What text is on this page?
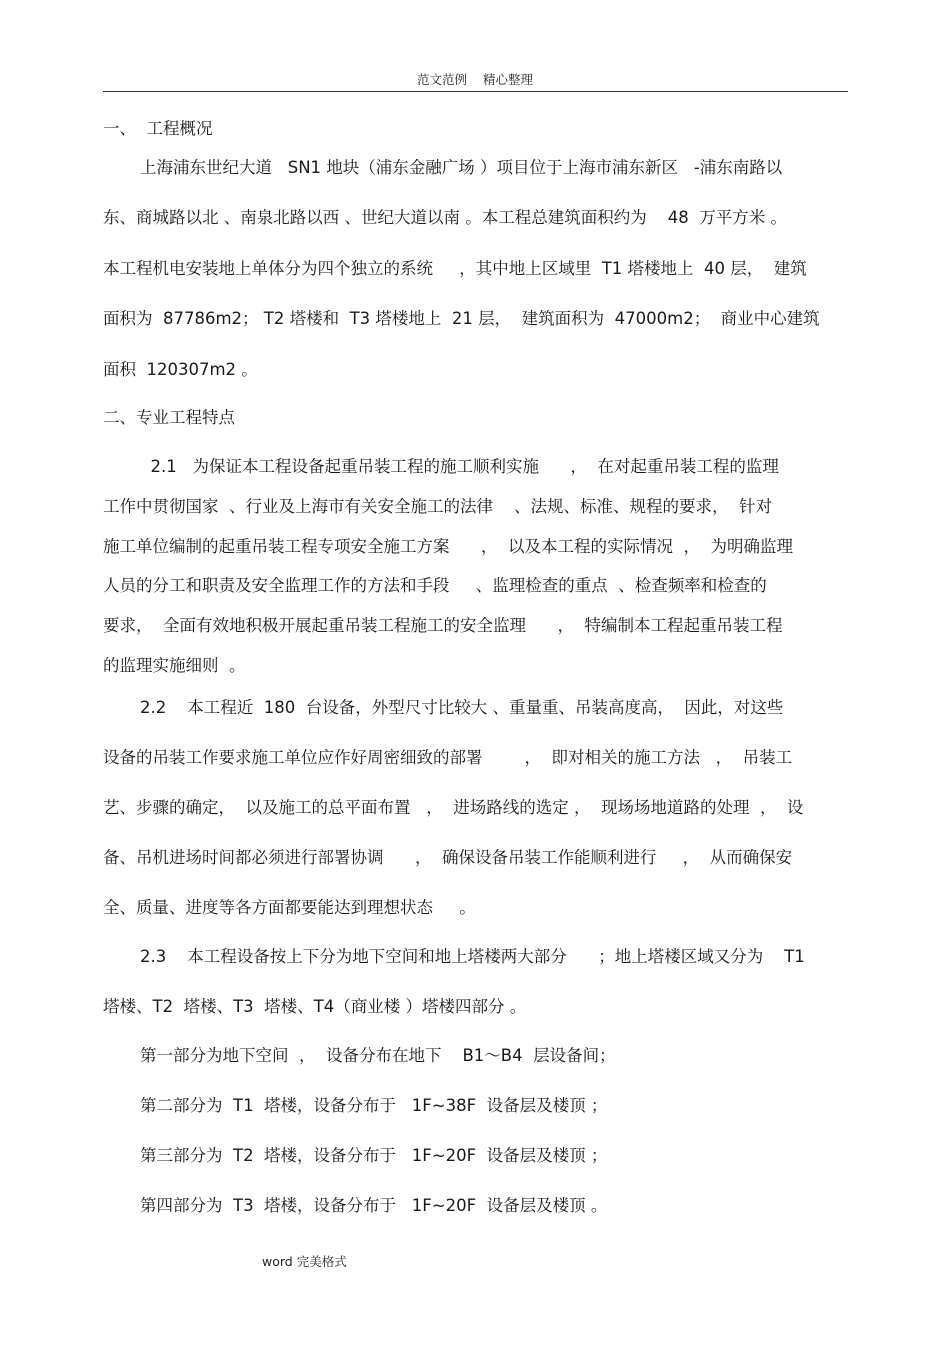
范文范例    精心整理
一、  工程概况
上海浦东世纪大道   SN1 地块（浦东金融广场 ）项目位于上海市浦东新区   -浦东南路以
东、商城路以北 、南泉北路以西 、世纪大道以南 。本工程总建筑面积约为    48  万平方米 。
本工程机电安装地上单体分为四个独立的系统     ，其中地上区域里  T1 塔楼地上  40 层，  建筑
面积为  87786m2； T2 塔楼和  T3 塔楼地上  21 层，  建筑面积为  47000m2；  商业中心建筑
面积  120307m2 。
二、专业工程特点
2.1   为保证本工程设备起重吊装工程的施工顺利实施      ，  在对起重吊装工程的监理
工作中贯彻国家  、行业及上海市有关安全施工的法律    、法规、标准、规程的要求，  针对
施工单位编制的起重吊装工程专项安全施工方案      ，  以及本工程的实际情况  ，  为明确监理
人员的分工和职责及安全监理工作的方法和手段     、监理检查的重点  、检查频率和检查的
要求，  全面有效地积极开展起重吊装工程施工的安全监理      ，  特编制本工程起重吊装工程
的监理实施细则  。
2.2    本工程近  180  台设备，外型尺寸比较大 、重量重、吊装高度高，  因此，对这些
设备的吊装工作要求施工单位应作好周密细致的部署        ，  即对相关的施工方法   ，  吊装工
艺、步骤的确定，  以及施工的总平面布置   ，  进场路线的选定 ，  现场场地道路的处理  ，  设
备、吊机进场时间都必须进行部署协调      ，  确保设备吊装工作能顺利进行     ，  从而确保安
全、质量、进度等各方面都要能达到理想状态     。
2.3    本工程设备按上下分为地下空间和地上塔楼两大部分      ；地上塔楼区域又分为    T1
塔楼、T2  塔楼、T3  塔楼、T4（商业楼 ）塔楼四部分 。
第一部分为地下空间  ，  设备分布在地下    B1～B4  层设备间；
第二部分为  T1  塔楼，设备分布于   1F~38F  设备层及楼顶 ；
第三部分为  T2  塔楼，设备分布于   1F~20F  设备层及楼顶 ；
第四部分为  T3  塔楼，设备分布于   1F~20F  设备层及楼顶 。
word 完美格式
